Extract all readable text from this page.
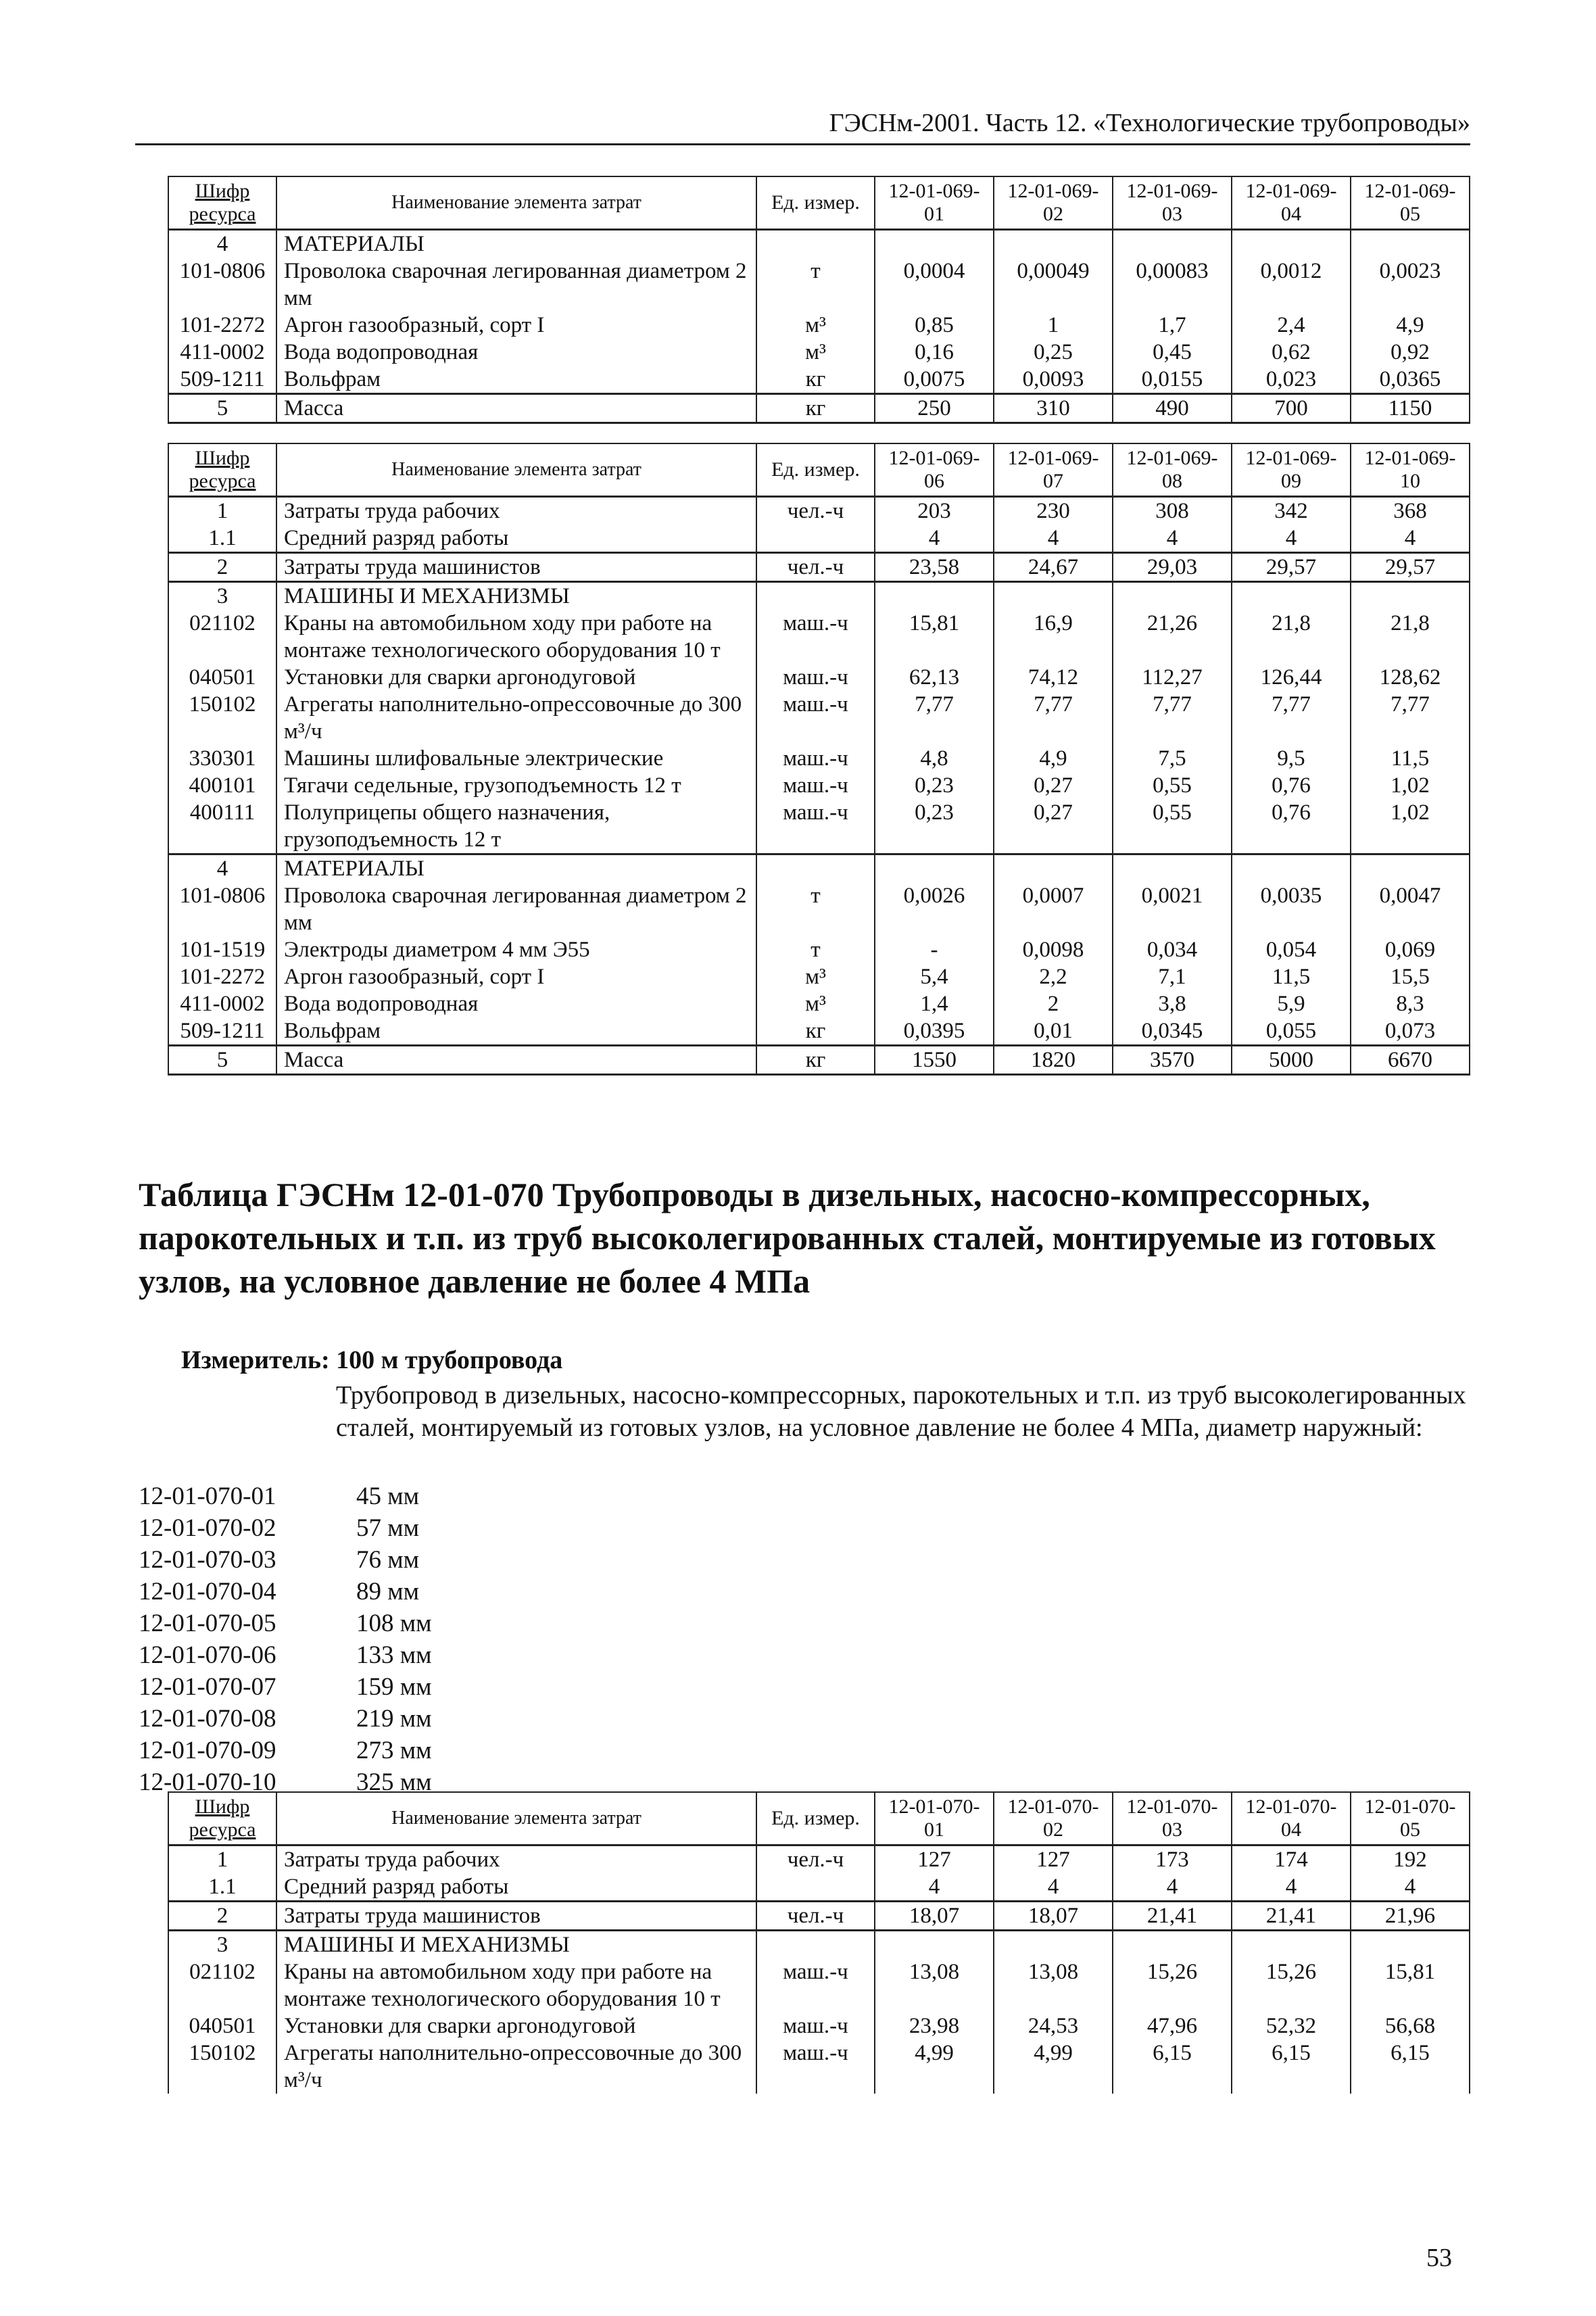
ГЭСНм-2001. Часть 12. «Технологические трубопроводы»
Шифр ресурса	Наименование элемента затрат	Ед. измер.	12-01-069-01	12-01-069-02	12-01-069-03	12-01-069-04	12-01-069-05
4	МАТЕРИАЛЫ						
101-0806	Проволока сварочная легированная диаметром 2 мм	т	0,0004	0,00049	0,00083	0,0012	0,0023
101-2272	Аргон газообразный, сорт I	м³	0,85	1	1,7	2,4	4,9
411-0002	Вода водопроводная	м³	0,16	0,25	0,45	0,62	0,92
509-1211	Вольфрам	кг	0,0075	0,0093	0,0155	0,023	0,0365
5	Масса	кг	250	310	490	700	1150
Шифр ресурса	Наименование элемента затрат	Ед. измер.	12-01-069-06	12-01-069-07	12-01-069-08	12-01-069-09	12-01-069-10
1	Затраты труда рабочих	чел.-ч	203	230	308	342	368
1.1	Средний разряд работы		4	4	4	4	4
2	Затраты труда машинистов	чел.-ч	23,58	24,67	29,03	29,57	29,57
3	МАШИНЫ И МЕХАНИЗМЫ						
021102	Краны на автомобильном ходу при работе на монтаже технологического оборудования 10 т	маш.-ч	15,81	16,9	21,26	21,8	21,8
040501	Установки для сварки аргонодуговой	маш.-ч	62,13	74,12	112,27	126,44	128,62
150102	Агрегаты наполнительно-опрессовочные до 300 м³/ч	маш.-ч	7,77	7,77	7,77	7,77	7,77
330301	Машины шлифовальные электрические	маш.-ч	4,8	4,9	7,5	9,5	11,5
400101	Тягачи седельные, грузоподъемность 12 т	маш.-ч	0,23	0,27	0,55	0,76	1,02
400111	Полуприцепы общего назначения, грузоподъемность 12 т	маш.-ч	0,23	0,27	0,55	0,76	1,02
4	МАТЕРИАЛЫ						
101-0806	Проволока сварочная легированная диаметром 2 мм	т	0,0026	0,0007	0,0021	0,0035	0,0047
101-1519	Электроды диаметром 4 мм Э55	т	-	0,0098	0,034	0,054	0,069
101-2272	Аргон газообразный, сорт I	м³	5,4	2,2	7,1	11,5	15,5
411-0002	Вода водопроводная	м³	1,4	2	3,8	5,9	8,3
509-1211	Вольфрам	кг	0,0395	0,01	0,0345	0,055	0,073
5	Масса	кг	1550	1820	3570	5000	6670
Таблица ГЭСНм 12-01-070 Трубопроводы в дизельных, насосно-компрессорных, парокотельных и т.п. из труб высоколегированных сталей, монтируемые из готовых узлов, на условное давление не более 4 МПа
Измеритель: 100 м трубопровода
Трубопровод в дизельных, насосно-компрессорных, парокотельных и т.п. из труб высоколегированных сталей, монтируемый из готовых узлов, на условное давление не более 4 МПа, диаметр наружный:
12-01-070-01	45 мм
12-01-070-02	57 мм
12-01-070-03	76 мм
12-01-070-04	89 мм
12-01-070-05	108 мм
12-01-070-06	133 мм
12-01-070-07	159 мм
12-01-070-08	219 мм
12-01-070-09	273 мм
12-01-070-10	325 мм
Шифр ресурса	Наименование элемента затрат	Ед. измер.	12-01-070-01	12-01-070-02	12-01-070-03	12-01-070-04	12-01-070-05
1	Затраты труда рабочих	чел.-ч	127	127	173	174	192
1.1	Средний разряд работы		4	4	4	4	4
2	Затраты труда машинистов	чел.-ч	18,07	18,07	21,41	21,41	21,96
3	МАШИНЫ И МЕХАНИЗМЫ						
021102	Краны на автомобильном ходу при работе на монтаже технологического оборудования 10 т	маш.-ч	13,08	13,08	15,26	15,26	15,81
040501	Установки для сварки аргонодуговой	маш.-ч	23,98	24,53	47,96	52,32	56,68
150102	Агрегаты наполнительно-опрессовочные до 300 м³/ч	маш.-ч	4,99	4,99	6,15	6,15	6,15
53
